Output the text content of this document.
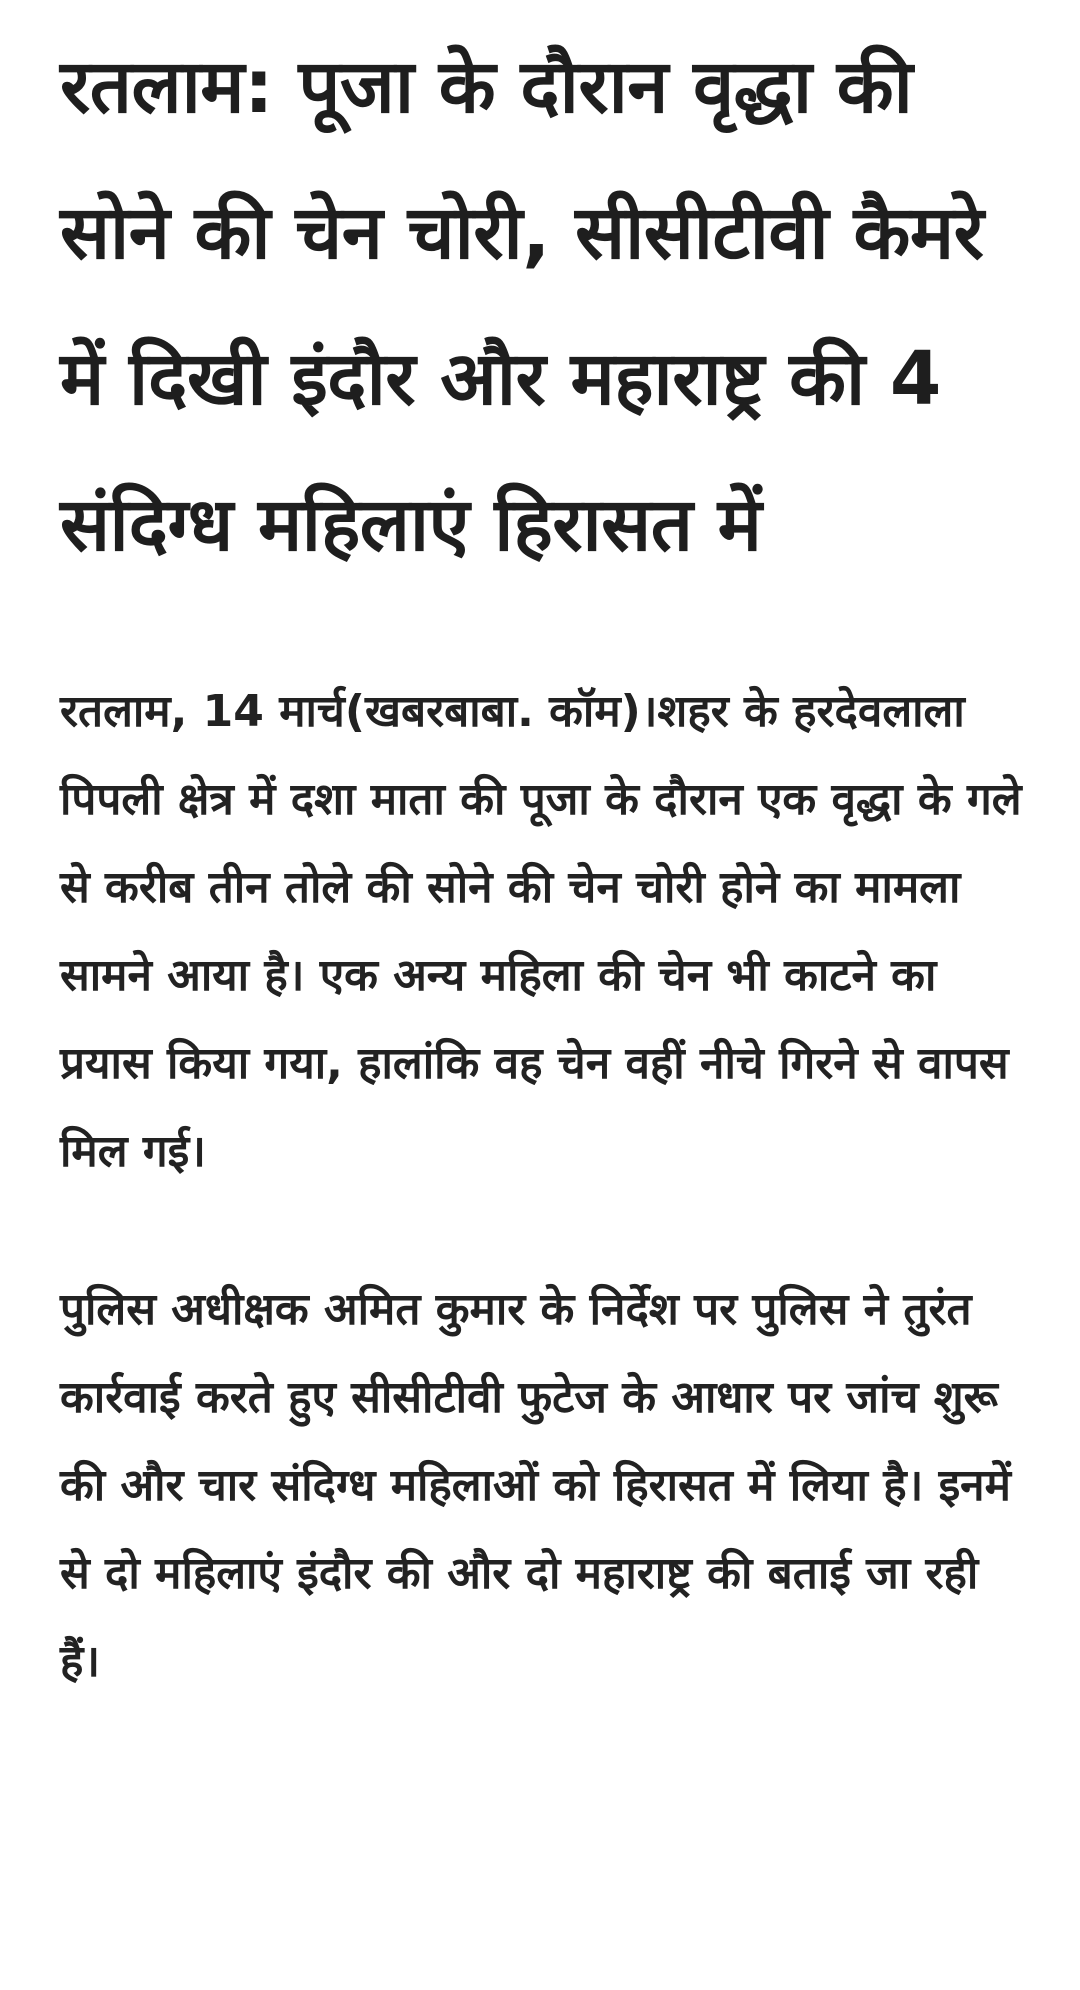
रतलाम: पूजा के दौरान वृद्धा की सोने की चेन चोरी, सीसीटीवी कैमरे में दिखी इंदौर और महाराष्ट्र की 4 संदिग्ध महिलाएं हिरासत में

रतलाम, 14 मार्च(खबरबाबा. कॉम)।शहर के हरदेवलाला पिपली क्षेत्र में दशा माता की पूजा के दौरान एक वृद्धा के गले से करीब तीन तोले की सोने की चेन चोरी होने का मामला सामने आया है। एक अन्य महिला की चेन भी काटने का प्रयास किया गया, हालांकि वह चेन वहीं नीचे गिरने से वापस मिल गई।

पुलिस अधीक्षक अमित कुमार के निर्देश पर पुलिस ने तुरंत कार्रवाई करते हुए सीसीटीवी फुटेज के आधार पर जांच शुरू की और चार संदिग्ध महिलाओं को हिरासत में लिया है। इनमें से दो महिलाएं इंदौर की और दो महाराष्ट्र की बताई जा रही हैं।
